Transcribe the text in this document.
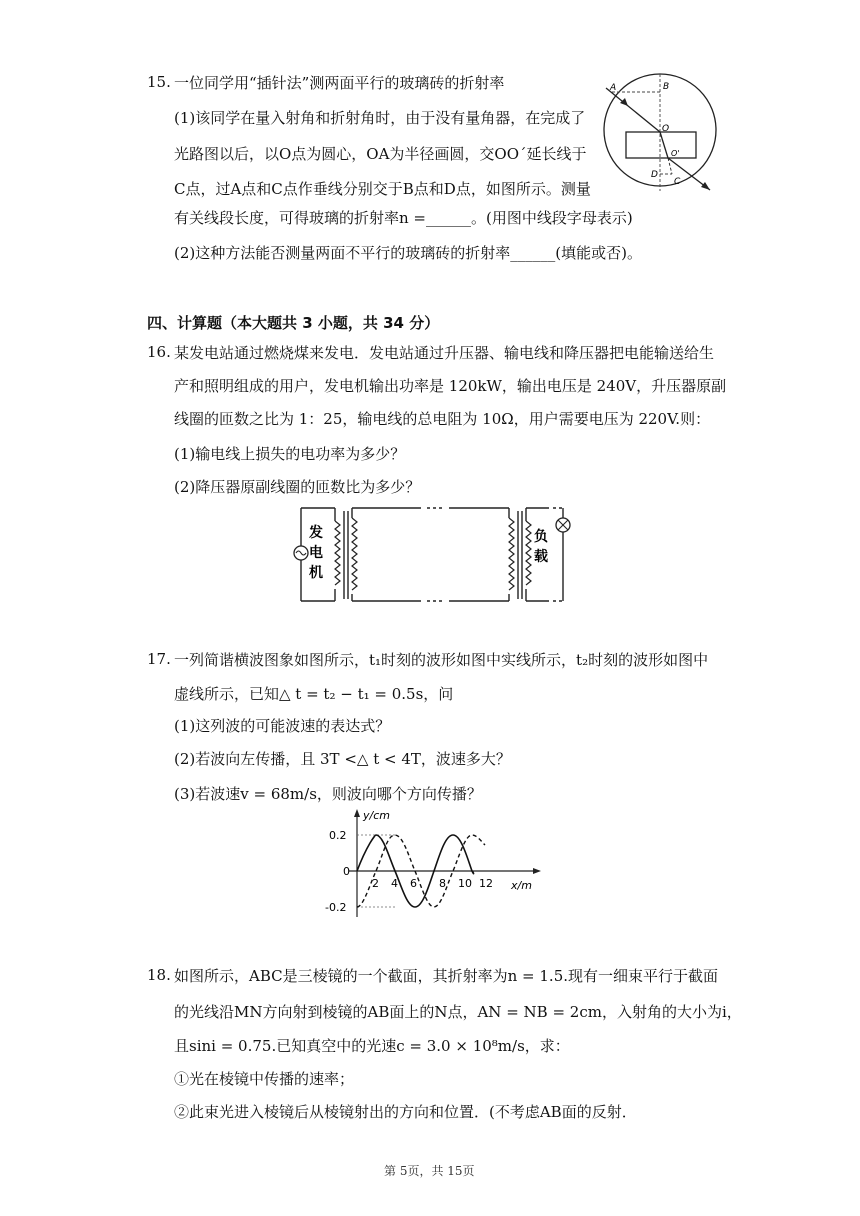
15. 一位同学用“插针法”测两面平行的玻璃砖的折射率
(1)该同学在量入射角和折射角时，由于没有量角器，在完成了
光路图以后，以O点为圆心，OA为半径画圆，交OO´延长线于
C点，过A点和C点作垂线分别交于B点和D点，如图所示。测量
有关线段长度，可得玻璃的折射率n =______。(用图中线段字母表示)
(2)这种方法能否测量两面不平行的玻璃砖的折射率______(填能或否)。
A	B
O
O'
D
C
四、计算题（本大题共 3 小题，共 34 分）
16. 某发电站通过燃烧煤来发电．发电站通过升压器、输电线和降压器把电能输送给生
产和照明组成的用户，发电机输出功率是 120kW，输出电压是 240V，升压器原副
线圈的匝数之比为 1：25，输电线的总电阻为 10Ω，用户需要电压为 220V.则：
(1)输电线上损失的电功率为多少？
(2)降压器原副线圈的匝数比为多少？
发
电
机
负
载
17. 一列简谐横波图象如图所示，t₁时刻的波形如图中实线所示，t₂时刻的波形如图中
虚线所示，已知△ t = t₂ − t₁ = 0.5s，问
(1)这列波的可能波速的表达式？
(2)若波向左传播，且 3T <△ t < 4T，波速多大？
(3)若波速v = 68m/s，则波向哪个方向传播？
y/cm
x/m
0.2
0
-0.2
2 4 6 8 10 12
18. 如图所示，ABC是三棱镜的一个截面，其折射率为n = 1.5.现有一细束平行于截面
的光线沿MN方向射到棱镜的AB面上的N点，AN = NB = 2cm，入射角的大小为i，
且sini = 0.75.已知真空中的光速c = 3.0 × 10⁸m/s，求：
①光在棱镜中传播的速率；
②此束光进入棱镜后从棱镜射出的方向和位置．(不考虑AB面的反射．
第 5页，共 15页
